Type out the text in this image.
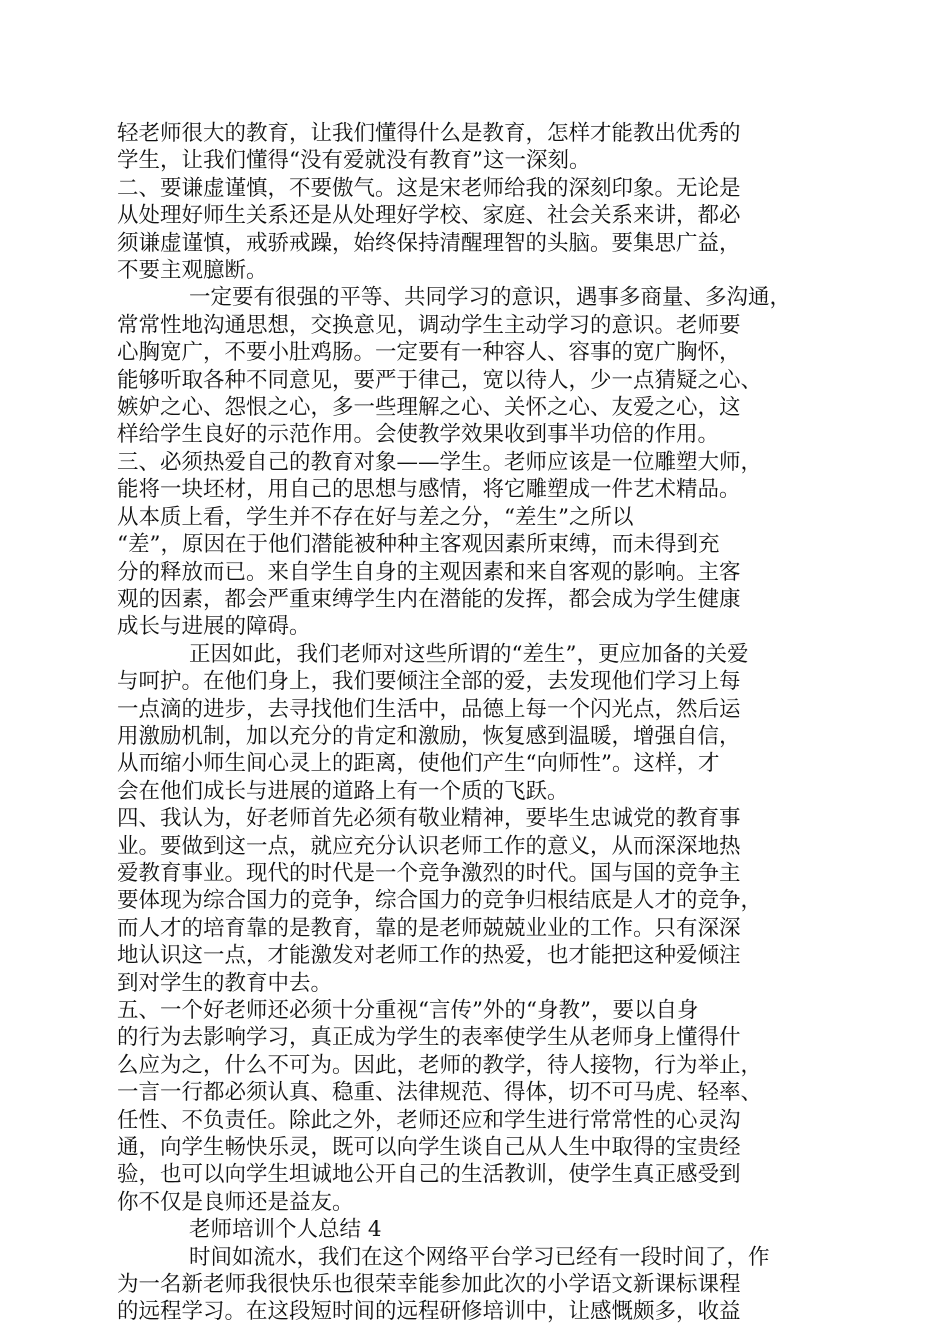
轻老师很大的教育，让我们懂得什么是教育，怎样才能教出优秀的
学生，让我们懂得“没有爱就没有教育”这一深刻。
二、要谦虚谨慎，不要傲气。这是宋老师给我的深刻印象。无论是
从处理好师生关系还是从处理好学校、家庭、社会关系来讲，都必
须谦虚谨慎，戒骄戒躁，始终保持清醒理智的头脑。要集思广益，
不要主观臆断。
一定要有很强的平等、共同学习的意识，遇事多商量、多沟通，
常常性地沟通思想，交换意见，调动学生主动学习的意识。老师要
心胸宽广，不要小肚鸡肠。一定要有一种容人、容事的宽广胸怀，
能够听取各种不同意见，要严于律己，宽以待人，少一点猜疑之心、
嫉妒之心、怨恨之心，多一些理解之心、关怀之心、友爱之心，这
样给学生良好的示范作用。会使教学效果收到事半功倍的作用。
三、必须热爱自己的教育对象——学生。老师应该是一位雕塑大师，
能将一块坯材，用自己的思想与感情，将它雕塑成一件艺术精品。
从本质上看，学生并不存在好与差之分，“差生”之所以
“差”，原因在于他们潜能被种种主客观因素所束缚，而未得到充
分的释放而已。来自学生自身的主观因素和来自客观的影响。主客
观的因素，都会严重束缚学生内在潜能的发挥，都会成为学生健康
成长与进展的障碍。
正因如此，我们老师对这些所谓的“差生”，更应加备的关爱
与呵护。在他们身上，我们要倾注全部的爱，去发现他们学习上每
一点滴的进步，去寻找他们生活中，品德上每一个闪光点，然后运
用激励机制，加以充分的肯定和激励，恢复感到温暖，增强自信，
从而缩小师生间心灵上的距离，使他们产生“向师性”。这样，才
会在他们成长与进展的道路上有一个质的飞跃。
四、我认为，好老师首先必须有敬业精神，要毕生忠诚党的教育事
业。要做到这一点，就应充分认识老师工作的意义，从而深深地热
爱教育事业。现代的时代是一个竞争激烈的时代。国与国的竞争主
要体现为综合国力的竞争，综合国力的竞争归根结底是人才的竞争，
而人才的培育靠的是教育，靠的是老师兢兢业业的工作。只有深深
地认识这一点，才能激发对老师工作的热爱，也才能把这种爱倾注
到对学生的教育中去。
五、一个好老师还必须十分重视“言传”外的“身教”，要以自身
的行为去影响学习，真正成为学生的表率使学生从老师身上懂得什
么应为之，什么不可为。因此，老师的教学，待人接物，行为举止，
一言一行都必须认真、稳重、法律规范、得体，切不可马虎、轻率、
任性、不负责任。除此之外，老师还应和学生进行常常性的心灵沟
通，向学生畅快乐灵，既可以向学生谈自己从人生中取得的宝贵经
验，也可以向学生坦诚地公开自己的生活教训，使学生真正感受到
你不仅是良师还是益友。
老师培训个人总结 4
时间如流水，我们在这个网络平台学习已经有一段时间了，作
为一名新老师我很快乐也很荣幸能参加此次的小学语文新课标课程
的远程学习。在这段短时间的远程研修培训中，让感慨颇多，收益
